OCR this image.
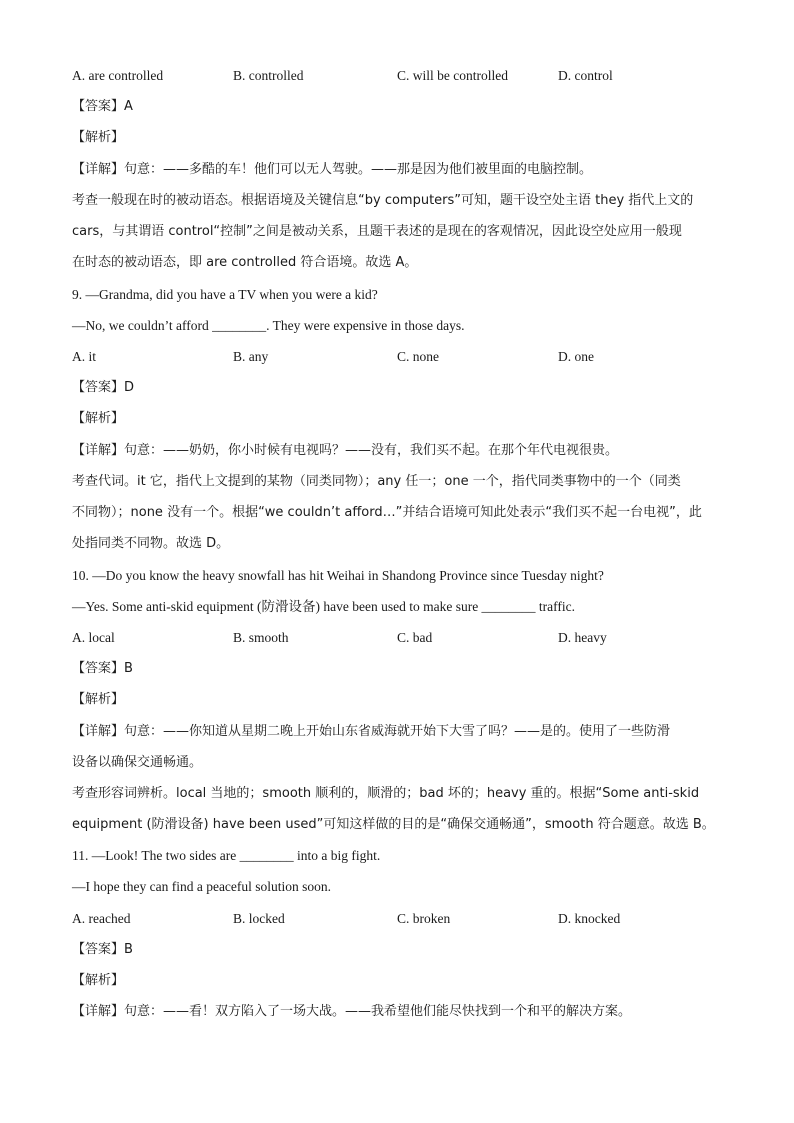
A. are controlled	B. controlled	C. will be controlled	D. control
【答案】A
【解析】
【详解】句意：——多酷的车！他们可以无人驾驶。——那是因为他们被里面的电脑控制。
考查一般现在时的被动语态。根据语境及关键信息“by computers”可知，题干设空处主语 they 指代上文的
cars，与其谓语 control“控制”之间是被动关系，且题干表述的是现在的客观情况，因此设空处应用一般现
在时态的被动语态，即 are controlled 符合语境。故选 A。
9. —Grandma, did you have a TV when you were a kid?
—No, we couldn’t afford ________. They were expensive in those days.
A. it	B. any	C. none	D. one
【答案】D
【解析】
【详解】句意：——奶奶，你小时候有电视吗？——没有，我们买不起。在那个年代电视很贵。
考查代词。it 它，指代上文提到的某物（同类同物）；any 任一；one 一个，指代同类事物中的一个（同类
不同物）；none 没有一个。根据“we couldn’t afford…”并结合语境可知此处表示“我们买不起一台电视”，此
处指同类不同物。故选 D。
10. —Do you know the heavy snowfall has hit Weihai in Shandong Province since Tuesday night?
—Yes. Some anti-skid equipment (防滑设备) have been used to make sure ________ traffic.
A. local	B. smooth	C. bad	D. heavy
【答案】B
【解析】
【详解】句意：——你知道从星期二晚上开始山东省威海就开始下大雪了吗？——是的。使用了一些防滑
设备以确保交通畅通。
考查形容词辨析。local 当地的；smooth 顺利的，顺滑的；bad 坏的；heavy 重的。根据“Some anti-skid
equipment (防滑设备) have been used”可知这样做的目的是“确保交通畅通”，smooth 符合题意。故选 B。
11. —Look! The two sides are ________ into a big fight.
—I hope they can find a peaceful solution soon.
A. reached	B. locked	C. broken	D. knocked
【答案】B
【解析】
【详解】句意：——看！双方陷入了一场大战。——我希望他们能尽快找到一个和平的解决方案。
